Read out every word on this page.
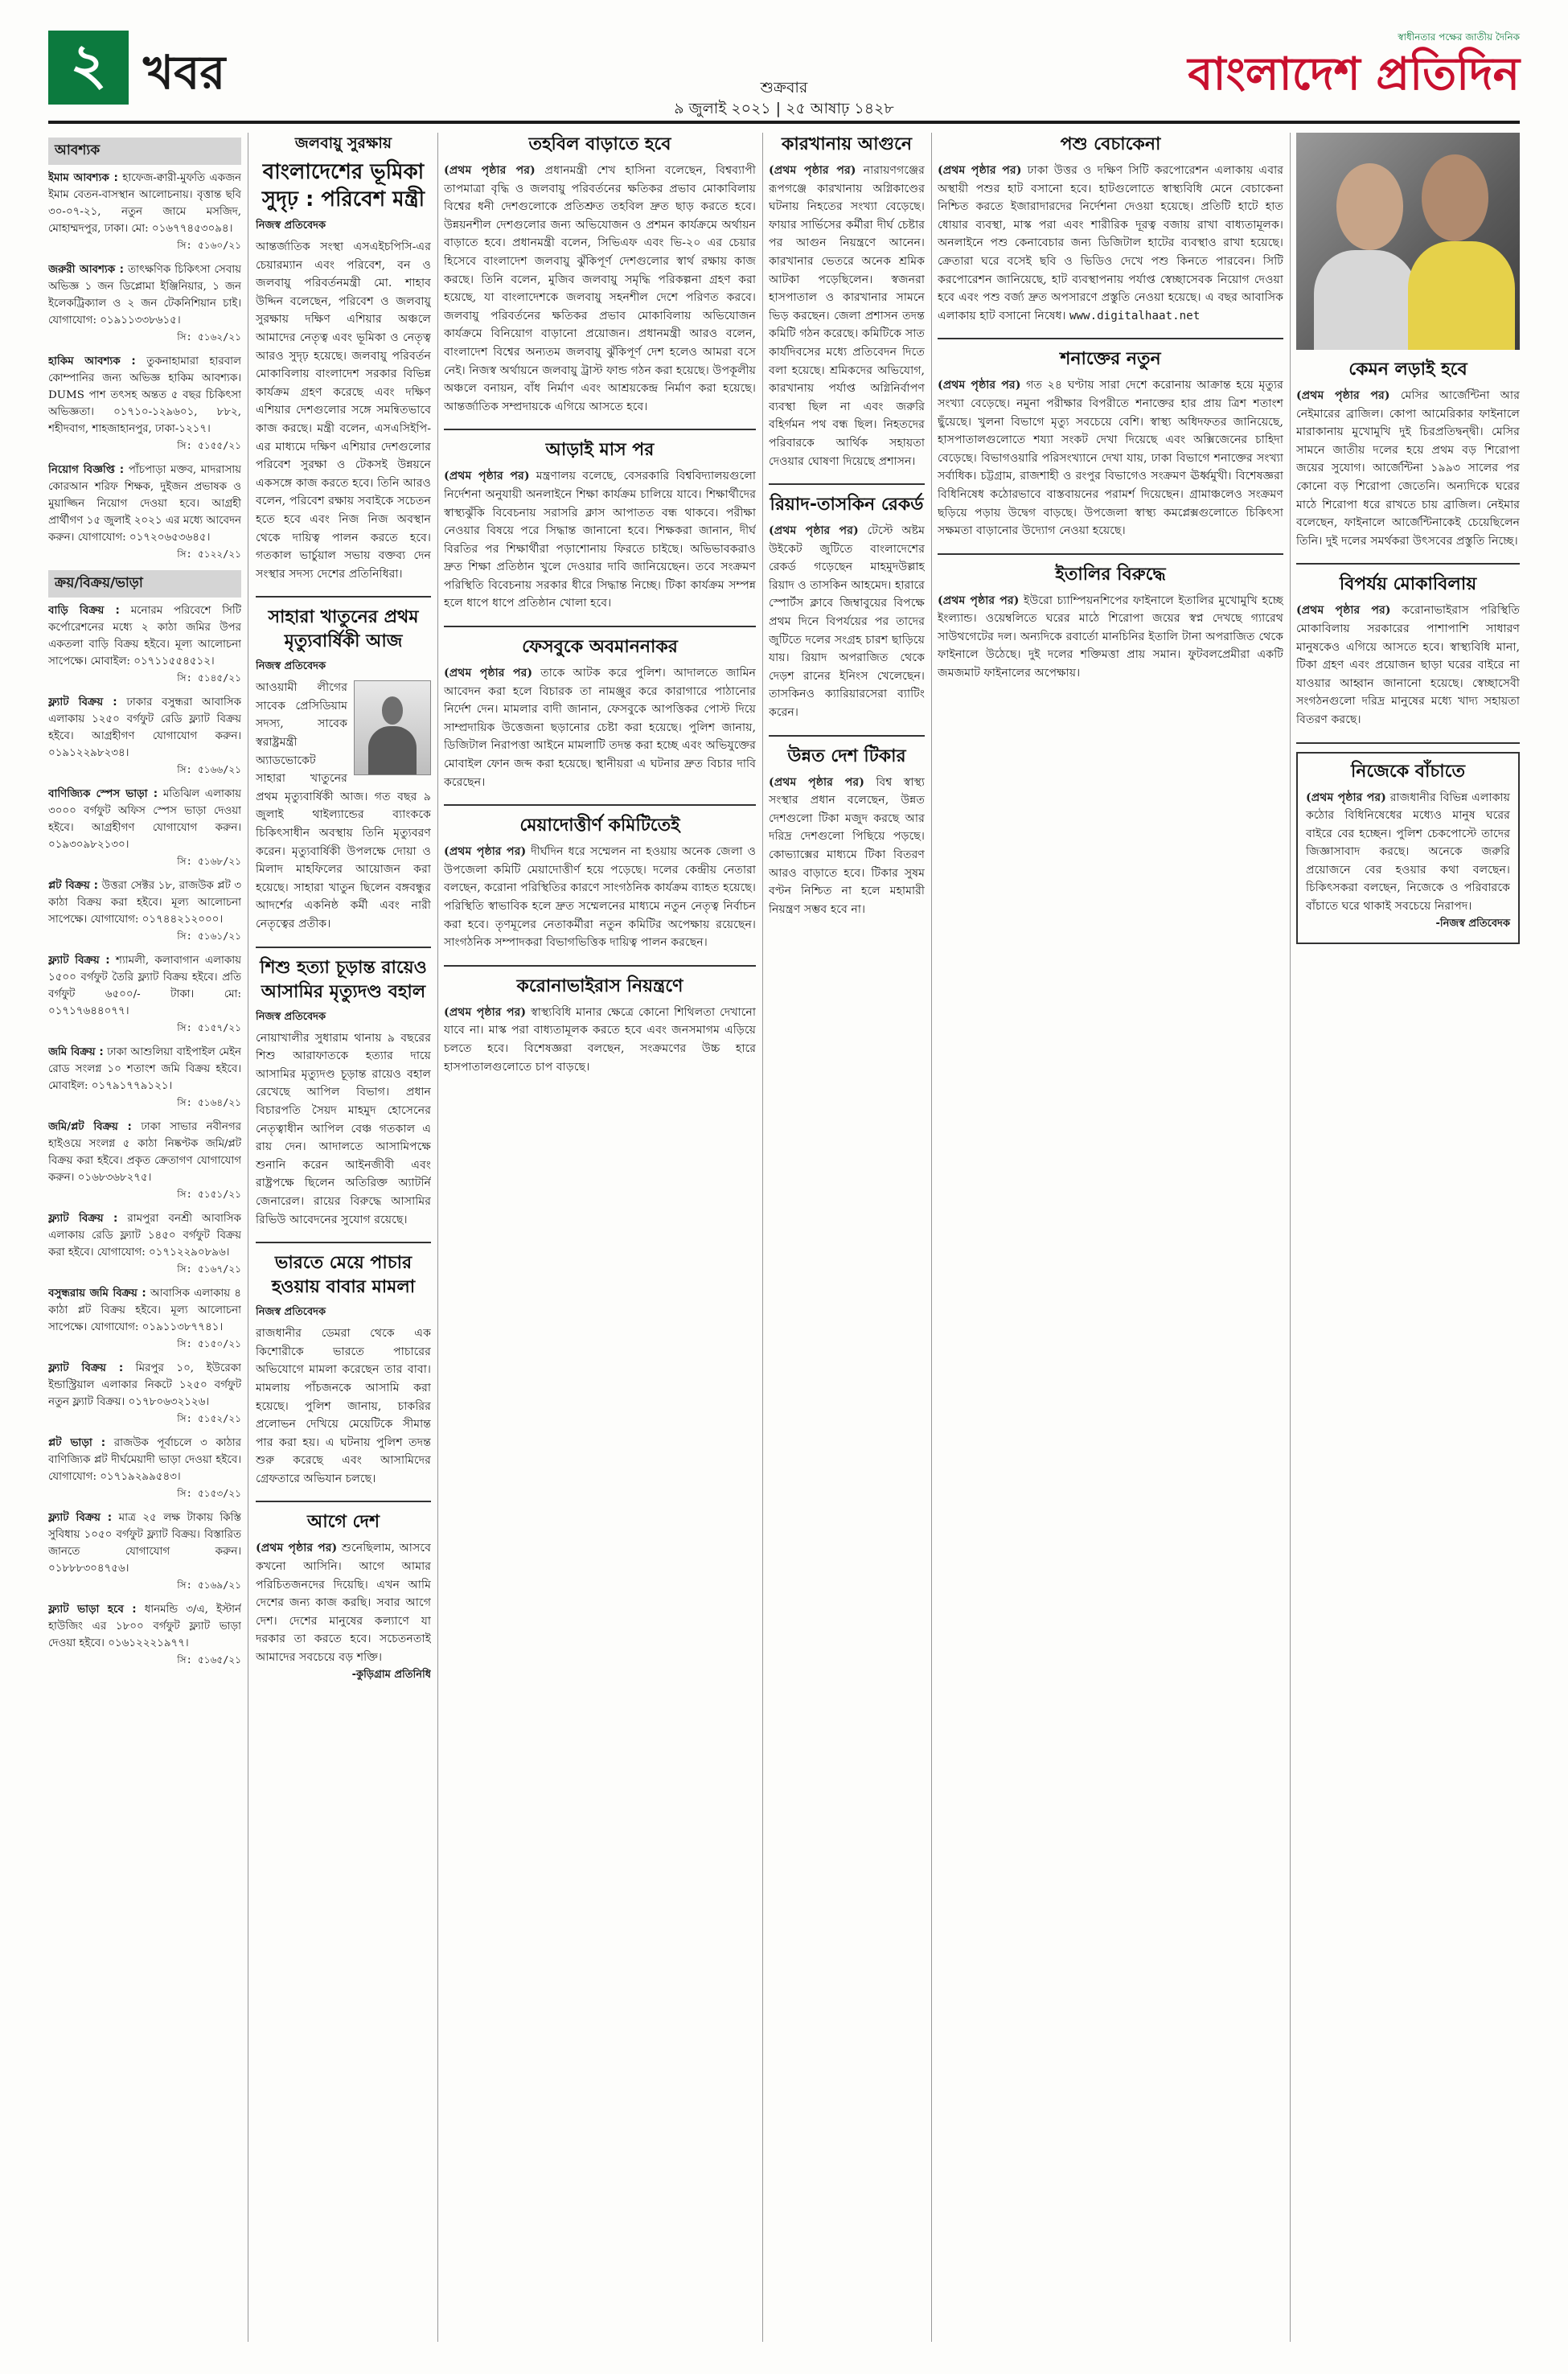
২ খবর	শুক্রবার
৯ জুলাই ২০২১ | ২৫ আষাঢ় ১৪২৮
স্বাধীনতার পক্ষের জাতীয় দৈনিক
বাংলাদেশ প্রতিদিন
আবশ্যক
ইমাম আবশ্যক : হাফেজ-ক্বারী-মুফতি একজন ইমাম বেতন-বাসস্থান আলোচনায়। বৃত্তান্ত ছবি ৩০-০৭-২১, নতুন জামে মসজিদ, মোহাম্মদপুর, ঢাকা। মো: ০১৬৭৭৪৫৩০৯৪।
সি: ৫১৬০/২১
জরুরী আবশ্যক : তাৎক্ষণিক চিকিৎসা সেবায় অভিজ্ঞ ১ জন ডিপ্লোমা ইঞ্জিনিয়ার, ১ জন ইলেকট্রিক্যাল ও ২ জন টেকনিশিয়ান চাই। যোগাযোগ: ০১৯১১৩৩৮৬১৫।
সি: ৫১৬২/২১
হাকিম আবশ্যক : তুকনাহামারা হারবাল কোম্পানির জন্য অভিজ্ঞ হাকিম আবশ্যক। DUMS পাশ তৎসহ অন্তত ৫ বছর চিকিৎসা অভিজ্ঞতা। ০১৭১০-১২৯৬০১, ৮৮২, শহীদবাগ, শাহজাহানপুর, ঢাকা-১২১৭।
সি: ৫১৫৫/২১
নিয়োগ বিজ্ঞপ্তি : পাঁচপাড়া মক্তব, মাদরাসায় কোরআন শরিফ শিক্ষক, দুইজন প্রভাষক ও মুয়াজ্জিন নিয়োগ দেওয়া হবে। আগ্রহী প্রার্থীগণ ১৫ জুলাই ২০২১ এর মধ্যে আবেদন করুন। যোগাযোগ: ০১৭২০৬৫৩৬৪৫।
সি: ৫১২২/২১
ক্রয়/বিক্রয়/ভাড়া
বাড়ি বিক্রয় : মনোরম পরিবেশে সিটি কর্পোরেশনের মধ্যে ২ কাঠা জমির উপর একতলা বাড়ি বিক্রয় হইবে। মূল্য আলোচনা সাপেক্ষে। মোবাইল: ০১৭১১৫৫৪৫১২।
সি: ৫১৪৫/২১
ফ্ল্যাট বিক্রয় : ঢাকার বসুন্ধরা আবাসিক এলাকায় ১২৫০ বর্গফুট রেডি ফ্ল্যাট বিক্রয় হইবে। আগ্রহীগণ যোগাযোগ করুন। ০১৯১২২৯৮২৩৪।
সি: ৫১৬৬/২১
বাণিজ্যিক স্পেস ভাড়া : মতিঝিল এলাকায় ৩০০০ বর্গফুট অফিস স্পেস ভাড়া দেওয়া হইবে। আগ্রহীগণ যোগাযোগ করুন। ০১৯৩০৯৮২১৩০।
সি: ৫১৬৮/২১
প্লট বিক্রয় : উত্তরা সেক্টর ১৮, রাজউক প্লট ৩ কাঠা বিক্রয় করা হইবে। মূল্য আলোচনা সাপেক্ষে। যোগাযোগ: ০১৭৪৪২১২০০০।
সি: ৫১৬১/২১
ফ্ল্যাট বিক্রয় : শ্যামলী, কলাবাগান এলাকায় ১৫০০ বর্গফুট তৈরি ফ্ল্যাট বিক্রয় হইবে। প্রতি বর্গফুট ৬৫০০/- টাকা। মো: ০১৭১৭৬৪৪০৭৭।
সি: ৫১৫৭/২১
জমি বিক্রয় : ঢাকা আশুলিয়া বাইপাইল মেইন রোড সংলগ্ন ১০ শতাংশ জমি বিক্রয় হইবে। মোবাইল: ০১৭৯১৭৭৯১২১।
সি: ৫১৬৪/২১
জমি/প্লট বিক্রয় : ঢাকা সাভার নবীনগর হাইওয়ে সংলগ্ন ৫ কাঠা নিষ্কণ্টক জমি/প্লট বিক্রয় করা হইবে। প্রকৃত ক্রেতাগণ যোগাযোগ করুন। ০১৬৮৩৬৮২৭৫।
সি: ৫১৫১/২১
ফ্ল্যাট বিক্রয় : রামপুরা বনশ্রী আবাসিক এলাকায় রেডি ফ্ল্যাট ১৪৫০ বর্গফুট বিক্রয় করা হইবে। যোগাযোগ: ০১৭১২২৯০৮৯৬।
সি: ৫১৬৭/২১
বসুন্ধরায় জমি বিক্রয় : আবাসিক এলাকায় ৪ কাঠা প্লট বিক্রয় হইবে। মূল্য আলোচনা সাপেক্ষে। যোগাযোগ: ০১৯১১৩৮৭৭৪১।
সি: ৫১৫০/২১
ফ্ল্যাট বিক্রয় : মিরপুর ১০, ইউরেকা ইন্ডাস্ট্রিয়াল এলাকার নিকটে ১২৫০ বর্গফুট নতুন ফ্ল্যাট বিক্রয়। ০১৭৮০৬৩২১২৬।
সি: ৫১৫২/২১
প্লট ভাড়া : রাজউক পূর্বাচলে ৩ কাঠার বাণিজ্যিক প্লট দীর্ঘমেয়াদী ভাড়া দেওয়া হইবে। যোগাযোগ: ০১৭১৯২৯৯৫৪৩।
সি: ৫১৫৩/২১
ফ্ল্যাট বিক্রয় : মাত্র ২৫ লক্ষ টাকায় কিস্তি সুবিধায় ১০৫০ বর্গফুট ফ্ল্যাট বিক্রয়। বিস্তারিত জানতে যোগাযোগ করুন। ০১৮৮৮৩০৪৭৫৬।
সি: ৫১৬৯/২১
ফ্ল্যাট ভাড়া হবে : ধানমন্ডি ৩/এ, ইস্টার্ন হাউজিং এর ১৮০০ বর্গফুট ফ্ল্যাট ভাড়া দেওয়া হইবে। ০১৬১২২২১৯৭৭।
সি: ৫১৬৫/২১
জলবায়ু সুরক্ষায়
বাংলাদেশের ভূমিকা সুদৃঢ় : পরিবেশ মন্ত্রী
নিজস্ব প্রতিবেদক
আন্তর্জাতিক সংস্থা এসএইচপিসি-এর চেয়ারম্যান এবং পরিবেশ, বন ও জলবায়ু পরিবর্তনমন্ত্রী মো. শাহাব উদ্দিন বলেছেন, পরিবেশ ও জলবায়ু সুরক্ষায় দক্ষিণ এশিয়ার অঞ্চলে আমাদের নেতৃত্ব এবং ভূমিকা ও নেতৃত্ব আরও সুদৃঢ় হয়েছে। জলবায়ু পরিবর্তন মোকাবিলায় বাংলাদেশ সরকার বিভিন্ন কার্যক্রম গ্রহণ করেছে এবং দক্ষিণ এশিয়ার দেশগুলোর সঙ্গে সমন্বিতভাবে কাজ করছে। মন্ত্রী বলেন, এসএসিইপি-এর মাধ্যমে দক্ষিণ এশিয়ার দেশগুলোর পরিবেশ সুরক্ষা ও টেকসই উন্নয়নে একসঙ্গে কাজ করতে হবে। তিনি আরও বলেন, পরিবেশ রক্ষায় সবাইকে সচেতন হতে হবে এবং নিজ নিজ অবস্থান থেকে দায়িত্ব পালন করতে হবে। গতকাল ভার্চুয়াল সভায় বক্তব্য দেন সংস্থার সদস্য দেশের প্রতিনিধিরা।
সাহারা খাতুনের প্রথম মৃত্যুবার্ষিকী আজ
নিজস্ব প্রতিবেদক
আওয়ামী লীগের সাবেক প্রেসিডিয়াম সদস্য, সাবেক স্বরাষ্ট্রমন্ত্রী অ্যাডভোকেট সাহারা খাতুনের প্রথম মৃত্যুবার্ষিকী আজ। গত বছর ৯ জুলাই থাইল্যান্ডের ব্যাংককে চিকিৎসাধীন অবস্থায় তিনি মৃত্যুবরণ করেন। মৃত্যুবার্ষিকী উপলক্ষে দোয়া ও মিলাদ মাহফিলের আয়োজন করা হয়েছে। সাহারা খাতুন ছিলেন বঙ্গবন্ধুর আদর্শের একনিষ্ঠ কর্মী এবং নারী নেতৃত্বের প্রতীক।
শিশু হত্যা চূড়ান্ত রায়েও আসামির মৃত্যুদণ্ড বহাল
নিজস্ব প্রতিবেদক
নোয়াখালীর সুধারাম থানায় ৯ বছরের শিশু আরাফাতকে হত্যার দায়ে আসামির মৃত্যুদণ্ড চূড়ান্ত রায়েও বহাল রেখেছে আপিল বিভাগ। প্রধান বিচারপতি সৈয়দ মাহমুদ হোসেনের নেতৃত্বাধীন আপিল বেঞ্চ গতকাল এ রায় দেন। আদালতে আসামিপক্ষে শুনানি করেন আইনজীবী এবং রাষ্ট্রপক্ষে ছিলেন অতিরিক্ত অ্যাটর্নি জেনারেল। রায়ের বিরুদ্ধে আসামির রিভিউ আবেদনের সুযোগ রয়েছে।
ভারতে মেয়ে পাচার হওয়ায় বাবার মামলা
নিজস্ব প্রতিবেদক
রাজধানীর ডেমরা থেকে এক কিশোরীকে ভারতে পাচারের অভিযোগে মামলা করেছেন তার বাবা। মামলায় পাঁচজনকে আসামি করা হয়েছে। পুলিশ জানায়, চাকরির প্রলোভন দেখিয়ে মেয়েটিকে সীমান্ত পার করা হয়। এ ঘটনায় পুলিশ তদন্ত শুরু করেছে এবং আসামিদের গ্রেফতারে অভিযান চলছে।
আগে দেশ
(প্রথম পৃষ্ঠার পর) শুনেছিলাম, আসবে কখনো আসিনি। আগে আমার পরিচিতজনদের দিয়েছি। এখন আমি দেশের জন্য কাজ করছি। সবার আগে দেশ। দেশের মানুষের কল্যাণে যা দরকার তা করতে হবে। সচেতনতাই আমাদের সবচেয়ে বড় শক্তি।
-কুড়িগ্রাম প্রতিনিধি
তহবিল বাড়াতে হবে
(প্রথম পৃষ্ঠার পর) প্রধানমন্ত্রী শেখ হাসিনা বলেছেন, বিশ্বব্যাপী তাপমাত্রা বৃদ্ধি ও জলবায়ু পরিবর্তনের ক্ষতিকর প্রভাব মোকাবিলায় বিশ্বের ধনী দেশগুলোকে প্রতিশ্রুত তহবিল দ্রুত ছাড় করতে হবে। উন্নয়নশীল দেশগুলোর জন্য অভিযোজন ও প্রশমন কার্যক্রমে অর্থায়ন বাড়াতে হবে। প্রধানমন্ত্রী বলেন, সিভিএফ এবং ভি-২০ এর চেয়ার হিসেবে বাংলাদেশ জলবায়ু ঝুঁকিপূর্ণ দেশগুলোর স্বার্থ রক্ষায় কাজ করছে। তিনি বলেন, মুজিব জলবায়ু সমৃদ্ধি পরিকল্পনা গ্রহণ করা হয়েছে, যা বাংলাদেশকে জলবায়ু সহনশীল দেশে পরিণত করবে। জলবায়ু পরিবর্তনের ক্ষতিকর প্রভাব মোকাবিলায় অভিযোজন কার্যক্রমে বিনিয়োগ বাড়ানো প্রয়োজন। প্রধানমন্ত্রী আরও বলেন, বাংলাদেশ বিশ্বের অন্যতম জলবায়ু ঝুঁকিপূর্ণ দেশ হলেও আমরা বসে নেই। নিজস্ব অর্থায়নে জলবায়ু ট্রাস্ট ফান্ড গঠন করা হয়েছে। উপকূলীয় অঞ্চলে বনায়ন, বাঁধ নির্মাণ এবং আশ্রয়কেন্দ্র নির্মাণ করা হয়েছে। আন্তর্জাতিক সম্প্রদায়কে এগিয়ে আসতে হবে।
আড়াই মাস পর
(প্রথম পৃষ্ঠার পর) মন্ত্রণালয় বলেছে, বেসরকারি বিশ্ববিদ্যালয়গুলো নির্দেশনা অনুযায়ী অনলাইনে শিক্ষা কার্যক্রম চালিয়ে যাবে। শিক্ষার্থীদের স্বাস্থ্যঝুঁকি বিবেচনায় সরাসরি ক্লাস আপাতত বন্ধ থাকবে। পরীক্ষা নেওয়ার বিষয়ে পরে সিদ্ধান্ত জানানো হবে। শিক্ষকরা জানান, দীর্ঘ বিরতির পর শিক্ষার্থীরা পড়াশোনায় ফিরতে চাইছে। অভিভাবকরাও দ্রুত শিক্ষা প্রতিষ্ঠান খুলে দেওয়ার দাবি জানিয়েছেন। তবে সংক্রমণ পরিস্থিতি বিবেচনায় সরকার ধীরে সিদ্ধান্ত নিচ্ছে। টিকা কার্যক্রম সম্পন্ন হলে ধাপে ধাপে প্রতিষ্ঠান খোলা হবে।
ফেসবুকে অবমাননাকর
(প্রথম পৃষ্ঠার পর) তাকে আটক করে পুলিশ। আদালতে জামিন আবেদন করা হলে বিচারক তা নামঞ্জুর করে কারাগারে পাঠানোর নির্দেশ দেন। মামলার বাদী জানান, ফেসবুকে আপত্তিকর পোস্ট দিয়ে সাম্প্রদায়িক উত্তেজনা ছড়ানোর চেষ্টা করা হয়েছে। পুলিশ জানায়, ডিজিটাল নিরাপত্তা আইনে মামলাটি তদন্ত করা হচ্ছে এবং অভিযুক্তের মোবাইল ফোন জব্দ করা হয়েছে। স্থানীয়রা এ ঘটনার দ্রুত বিচার দাবি করেছেন।
মেয়াদোত্তীর্ণ কমিটিতেই
(প্রথম পৃষ্ঠার পর) দীর্ঘদিন ধরে সম্মেলন না হওয়ায় অনেক জেলা ও উপজেলা কমিটি মেয়াদোত্তীর্ণ হয়ে পড়েছে। দলের কেন্দ্রীয় নেতারা বলছেন, করোনা পরিস্থিতির কারণে সাংগঠনিক কার্যক্রম ব্যাহত হয়েছে। পরিস্থিতি স্বাভাবিক হলে দ্রুত সম্মেলনের মাধ্যমে নতুন নেতৃত্ব নির্বাচন করা হবে। তৃণমূলের নেতাকর্মীরা নতুন কমিটির অপেক্ষায় রয়েছেন। সাংগঠনিক সম্পাদকরা বিভাগভিত্তিক দায়িত্ব পালন করছেন।
করোনাভাইরাস নিয়ন্ত্রণে
(প্রথম পৃষ্ঠার পর) স্বাস্থ্যবিধি মানার ক্ষেত্রে কোনো শিথিলতা দেখানো যাবে না। মাস্ক পরা বাধ্যতামূলক করতে হবে এবং জনসমাগম এড়িয়ে চলতে হবে। বিশেষজ্ঞরা বলছেন, সংক্রমণের উচ্চ হারে হাসপাতালগুলোতে চাপ বাড়ছে।
কারখানায় আগুনে
(প্রথম পৃষ্ঠার পর) নারায়ণগঞ্জের রূপগঞ্জে কারখানায় অগ্নিকাণ্ডের ঘটনায় নিহতের সংখ্যা বেড়েছে। ফায়ার সার্ভিসের কর্মীরা দীর্ঘ চেষ্টার পর আগুন নিয়ন্ত্রণে আনেন। কারখানার ভেতরে অনেক শ্রমিক আটকা পড়েছিলেন। স্বজনরা হাসপাতাল ও কারখানার সামনে ভিড় করছেন। জেলা প্রশাসন তদন্ত কমিটি গঠন করেছে। কমিটিকে সাত কার্যদিবসের মধ্যে প্রতিবেদন দিতে বলা হয়েছে। শ্রমিকদের অভিযোগ, কারখানায় পর্যাপ্ত অগ্নিনির্বাপণ ব্যবস্থা ছিল না এবং জরুরি বহির্গমন পথ বন্ধ ছিল। নিহতদের পরিবারকে আর্থিক সহায়তা দেওয়ার ঘোষণা দিয়েছে প্রশাসন।
রিয়াদ-তাসকিন রেকর্ড
(প্রথম পৃষ্ঠার পর) টেস্টে অষ্টম উইকেট জুটিতে বাংলাদেশের রেকর্ড গড়েছেন মাহমুদউল্লাহ রিয়াদ ও তাসকিন আহমেদ। হারারে স্পোর্টস ক্লাবে জিম্বাবুয়ের বিপক্ষে প্রথম দিনে বিপর্যয়ের পর তাদের জুটিতে দলের সংগ্রহ চারশ ছাড়িয়ে যায়। রিয়াদ অপরাজিত থেকে দেড়শ রানের ইনিংস খেলেছেন। তাসকিনও ক্যারিয়ারসেরা ব্যাটিং করেন।
উন্নত দেশ টিকার
(প্রথম পৃষ্ঠার পর) বিশ্ব স্বাস্থ্য সংস্থার প্রধান বলেছেন, উন্নত দেশগুলো টিকা মজুদ করছে আর দরিদ্র দেশগুলো পিছিয়ে পড়ছে। কোভ্যাক্সের মাধ্যমে টিকা বিতরণ আরও বাড়াতে হবে। টিকার সুষম বণ্টন নিশ্চিত না হলে মহামারী নিয়ন্ত্রণ সম্ভব হবে না।
পশু বেচাকেনা
(প্রথম পৃষ্ঠার পর) ঢাকা উত্তর ও দক্ষিণ সিটি করপোরেশন এলাকায় এবার অস্থায়ী পশুর হাট বসানো হবে। হাটগুলোতে স্বাস্থ্যবিধি মেনে বেচাকেনা নিশ্চিত করতে ইজারাদারদের নির্দেশনা দেওয়া হয়েছে। প্রতিটি হাটে হাত ধোয়ার ব্যবস্থা, মাস্ক পরা এবং শারীরিক দূরত্ব বজায় রাখা বাধ্যতামূলক। অনলাইনে পশু কেনাবেচার জন্য ডিজিটাল হাটের ব্যবস্থাও রাখা হয়েছে। ক্রেতারা ঘরে বসেই ছবি ও ভিডিও দেখে পশু কিনতে পারবেন। সিটি করপোরেশন জানিয়েছে, হাট ব্যবস্থাপনায় পর্যাপ্ত স্বেচ্ছাসেবক নিয়োগ দেওয়া হবে এবং পশু বর্জ্য দ্রুত অপসারণে প্রস্তুতি নেওয়া হয়েছে। এ বছর আবাসিক এলাকায় হাট বসানো নিষেধ। www.digitalhaat.net
শনাক্তের নতুন
(প্রথম পৃষ্ঠার পর) গত ২৪ ঘণ্টায় সারা দেশে করোনায় আক্রান্ত হয়ে মৃত্যুর সংখ্যা বেড়েছে। নমুনা পরীক্ষার বিপরীতে শনাক্তের হার প্রায় ত্রিশ শতাংশ ছুঁয়েছে। খুলনা বিভাগে মৃত্যু সবচেয়ে বেশি। স্বাস্থ্য অধিদফতর জানিয়েছে, হাসপাতালগুলোতে শয্যা সংকট দেখা দিয়েছে এবং অক্সিজেনের চাহিদা বেড়েছে। বিভাগওয়ারি পরিসংখ্যানে দেখা যায়, ঢাকা বিভাগে শনাক্তের সংখ্যা সর্বাধিক। চট্টগ্রাম, রাজশাহী ও রংপুর বিভাগেও সংক্রমণ ঊর্ধ্বমুখী। বিশেষজ্ঞরা বিধিনিষেধ কঠোরভাবে বাস্তবায়নের পরামর্শ দিয়েছেন। গ্রামাঞ্চলেও সংক্রমণ ছড়িয়ে পড়ায় উদ্বেগ বাড়ছে। উপজেলা স্বাস্থ্য কমপ্লেক্সগুলোতে চিকিৎসা সক্ষমতা বাড়ানোর উদ্যোগ নেওয়া হয়েছে।
ইতালির বিরুদ্ধে
(প্রথম পৃষ্ঠার পর) ইউরো চ্যাম্পিয়নশিপের ফাইনালে ইতালির মুখোমুখি হচ্ছে ইংল্যান্ড। ওয়েম্বলিতে ঘরের মাঠে শিরোপা জয়ের স্বপ্ন দেখছে গ্যারেথ সাউথগেটের দল। অন্যদিকে রবার্তো মানচিনির ইতালি টানা অপরাজিত থেকে ফাইনালে উঠেছে। দুই দলের শক্তিমত্তা প্রায় সমান। ফুটবলপ্রেমীরা একটি জমজমাট ফাইনালের অপেক্ষায়।
কেমন লড়াই হবে
(প্রথম পৃষ্ঠার পর) মেসির আর্জেন্টিনা আর নেইমারের ব্রাজিল। কোপা আমেরিকার ফাইনালে মারাকানায় মুখোমুখি দুই চিরপ্রতিদ্বন্দ্বী। মেসির সামনে জাতীয় দলের হয়ে প্রথম বড় শিরোপা জয়ের সুযোগ। আর্জেন্টিনা ১৯৯৩ সালের পর কোনো বড় শিরোপা জেতেনি। অন্যদিকে ঘরের মাঠে শিরোপা ধরে রাখতে চায় ব্রাজিল। নেইমার বলেছেন, ফাইনালে আর্জেন্টিনাকেই চেয়েছিলেন তিনি। দুই দলের সমর্থকরা উৎসবের প্রস্তুতি নিচ্ছে।
বিপর্যয় মোকাবিলায়
(প্রথম পৃষ্ঠার পর) করোনাভাইরাস পরিস্থিতি মোকাবিলায় সরকারের পাশাপাশি সাধারণ মানুষকেও এগিয়ে আসতে হবে। স্বাস্থ্যবিধি মানা, টিকা গ্রহণ এবং প্রয়োজন ছাড়া ঘরের বাইরে না যাওয়ার আহ্বান জানানো হয়েছে। স্বেচ্ছাসেবী সংগঠনগুলো দরিদ্র মানুষের মধ্যে খাদ্য সহায়তা বিতরণ করছে।
নিজেকে বাঁচাতে
(প্রথম পৃষ্ঠার পর) রাজধানীর বিভিন্ন এলাকায় কঠোর বিধিনিষেধের মধ্যেও মানুষ ঘরের বাইরে বের হচ্ছেন। পুলিশ চেকপোস্টে তাদের জিজ্ঞাসাবাদ করছে। অনেকে জরুরি প্রয়োজনে বের হওয়ার কথা বলছেন। চিকিৎসকরা বলছেন, নিজেকে ও পরিবারকে বাঁচাতে ঘরে থাকাই সবচেয়ে নিরাপদ।
-নিজস্ব প্রতিবেদক
